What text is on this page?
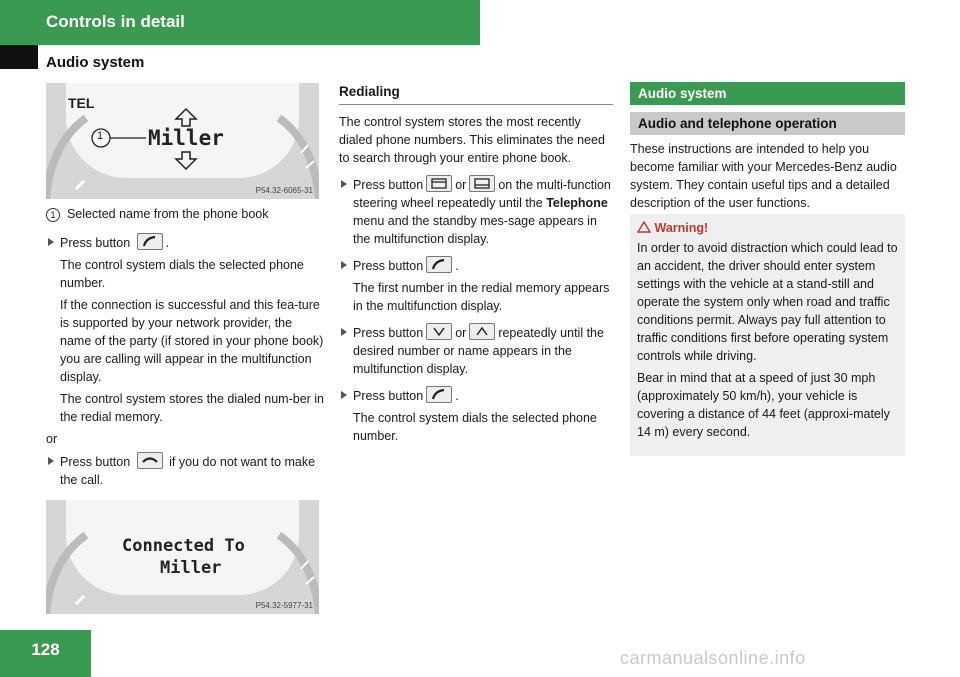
Controls in detail
Audio system
TEL
1 Miller
P54.32-6065-31

1 Selected name from the phone book

Press button	.

The control system dials the selected phone number.

If the connection is successful and this fea-ture is supported by your network provider, the name of the party (if stored in your phone book) you are calling will appear in the multifunction display.

The control system stores the dialed num-ber in the redial memory.

or

Press button	if you do not want to make the call.

Connected To
Miller
P54.32-5977-31
Redialing

The control system stores the most recently dialed phone numbers. This eliminates the need to search through your entire phone book.

Press button	or	on the multi-function steering wheel repeatedly until the Telephone menu and the standby mes-sage appears in the multifunction display.

Press button	.

The first number in the redial memory appears in the multifunction display.

Press button	or	repeatedly until the desired number or name appears in the multifunction display.

Press button	.

The control system dials the selected phone number.

Audio system
Audio and telephone operation

These instructions are intended to help you become familiar with your Mercedes-Benz audio system. They contain useful tips and a detailed description of the user functions.

Warning!

In order to avoid distraction which could lead to an accident, the driver should enter system settings with the vehicle at a stand-still and operate the system only when road and traffic conditions permit. Always pay full attention to traffic conditions first before operating system controls while driving.

Bear in mind that at a speed of just 30 mph (approximately 50 km/h), your vehicle is covering a distance of 44 feet (approxi-mately 14 m) every second.

128	carmanualsonline.info
